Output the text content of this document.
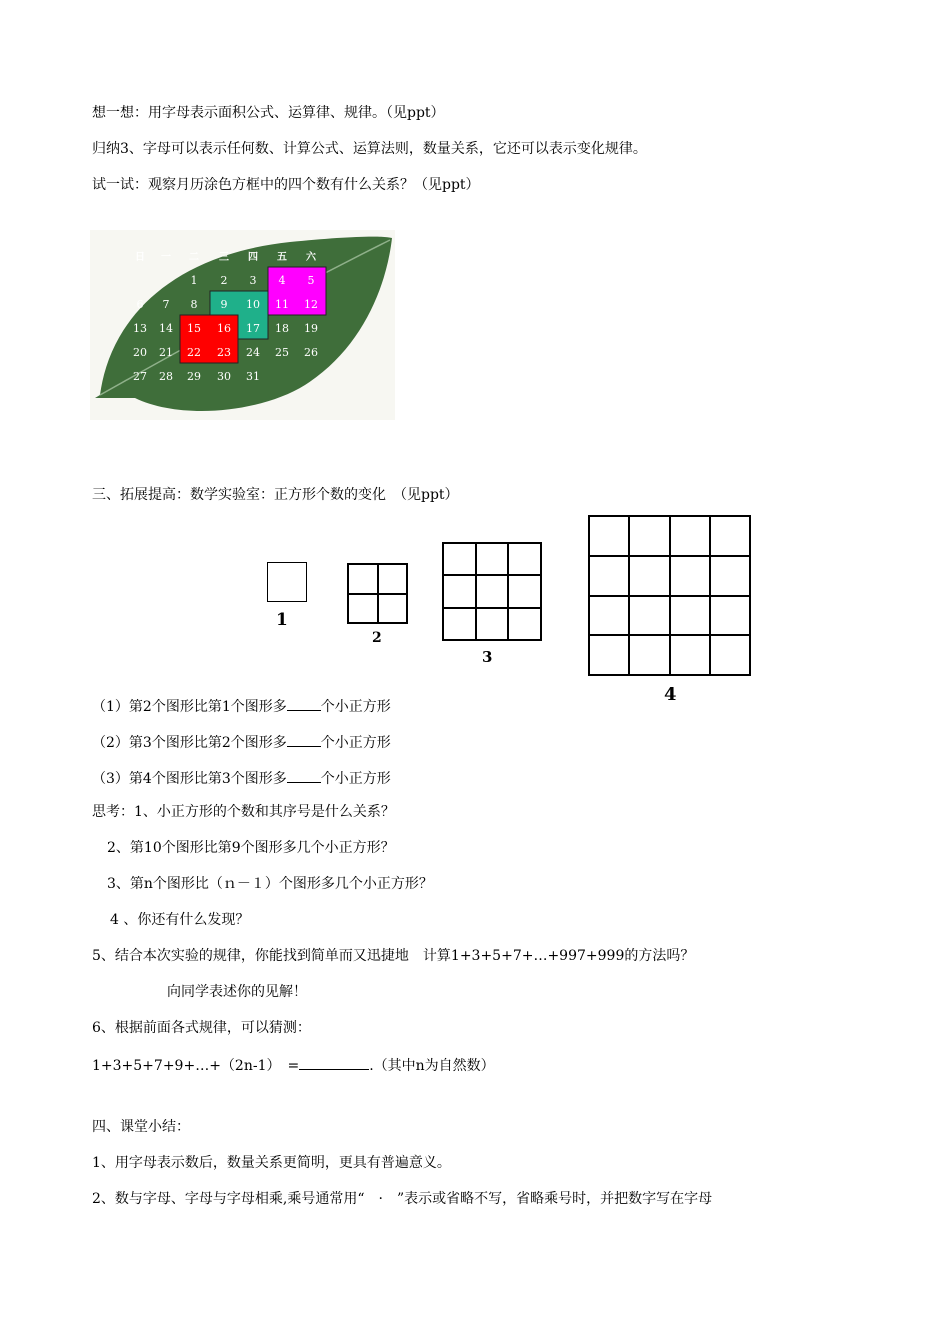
想一想：用字母表示面积公式、运算律、规律。（见ppt）
归纳3、字母可以表示任何数、计算公式、运算法则，数量关系，它还可以表示变化规律。
试一试：观察月历涂色方框中的四个数有什么关系？（见ppt）
日 一 二 三 四 五 六
1 2 3 4 5
6 7 8 9 10 11 12
13 14 15 16 17 18 19
20 21 22 23 24 25 26
27 28 29 30 31
三、拓展提高：数学实验室：正方形个数的变化　（见ppt）
1
2
3
4
（1）第2个图形比第1个图形多 个小正方形
（2）第3个图形比第2个图形多 个小正方形
（3）第4个图形比第3个图形多 个小正方形
思考：1、小正方形的个数和其序号是什么关系？
2、第10个图形比第9个图形多几个小正方形？
3、第n个图形比（ｎ－１）个图形多几个小正方形？
4 、你还有什么发现？
5、结合本次实验的规律，你能找到简单而又迅捷地　计算1+3+5+7+…+997+999的方法吗？
向同学表述你的见解！
6、根据前面各式规律，可以猜测：
1+3+5+7+9+…+（2n-1）　=	.（其中n为自然数）
四、课堂小结：
1、用字母表示数后，数量关系更简明，更具有普遍意义。
2、数与字母、字母与字母相乘,乘号通常用“　·　”表示或省略不写，省略乘号时，并把数字写在字母
